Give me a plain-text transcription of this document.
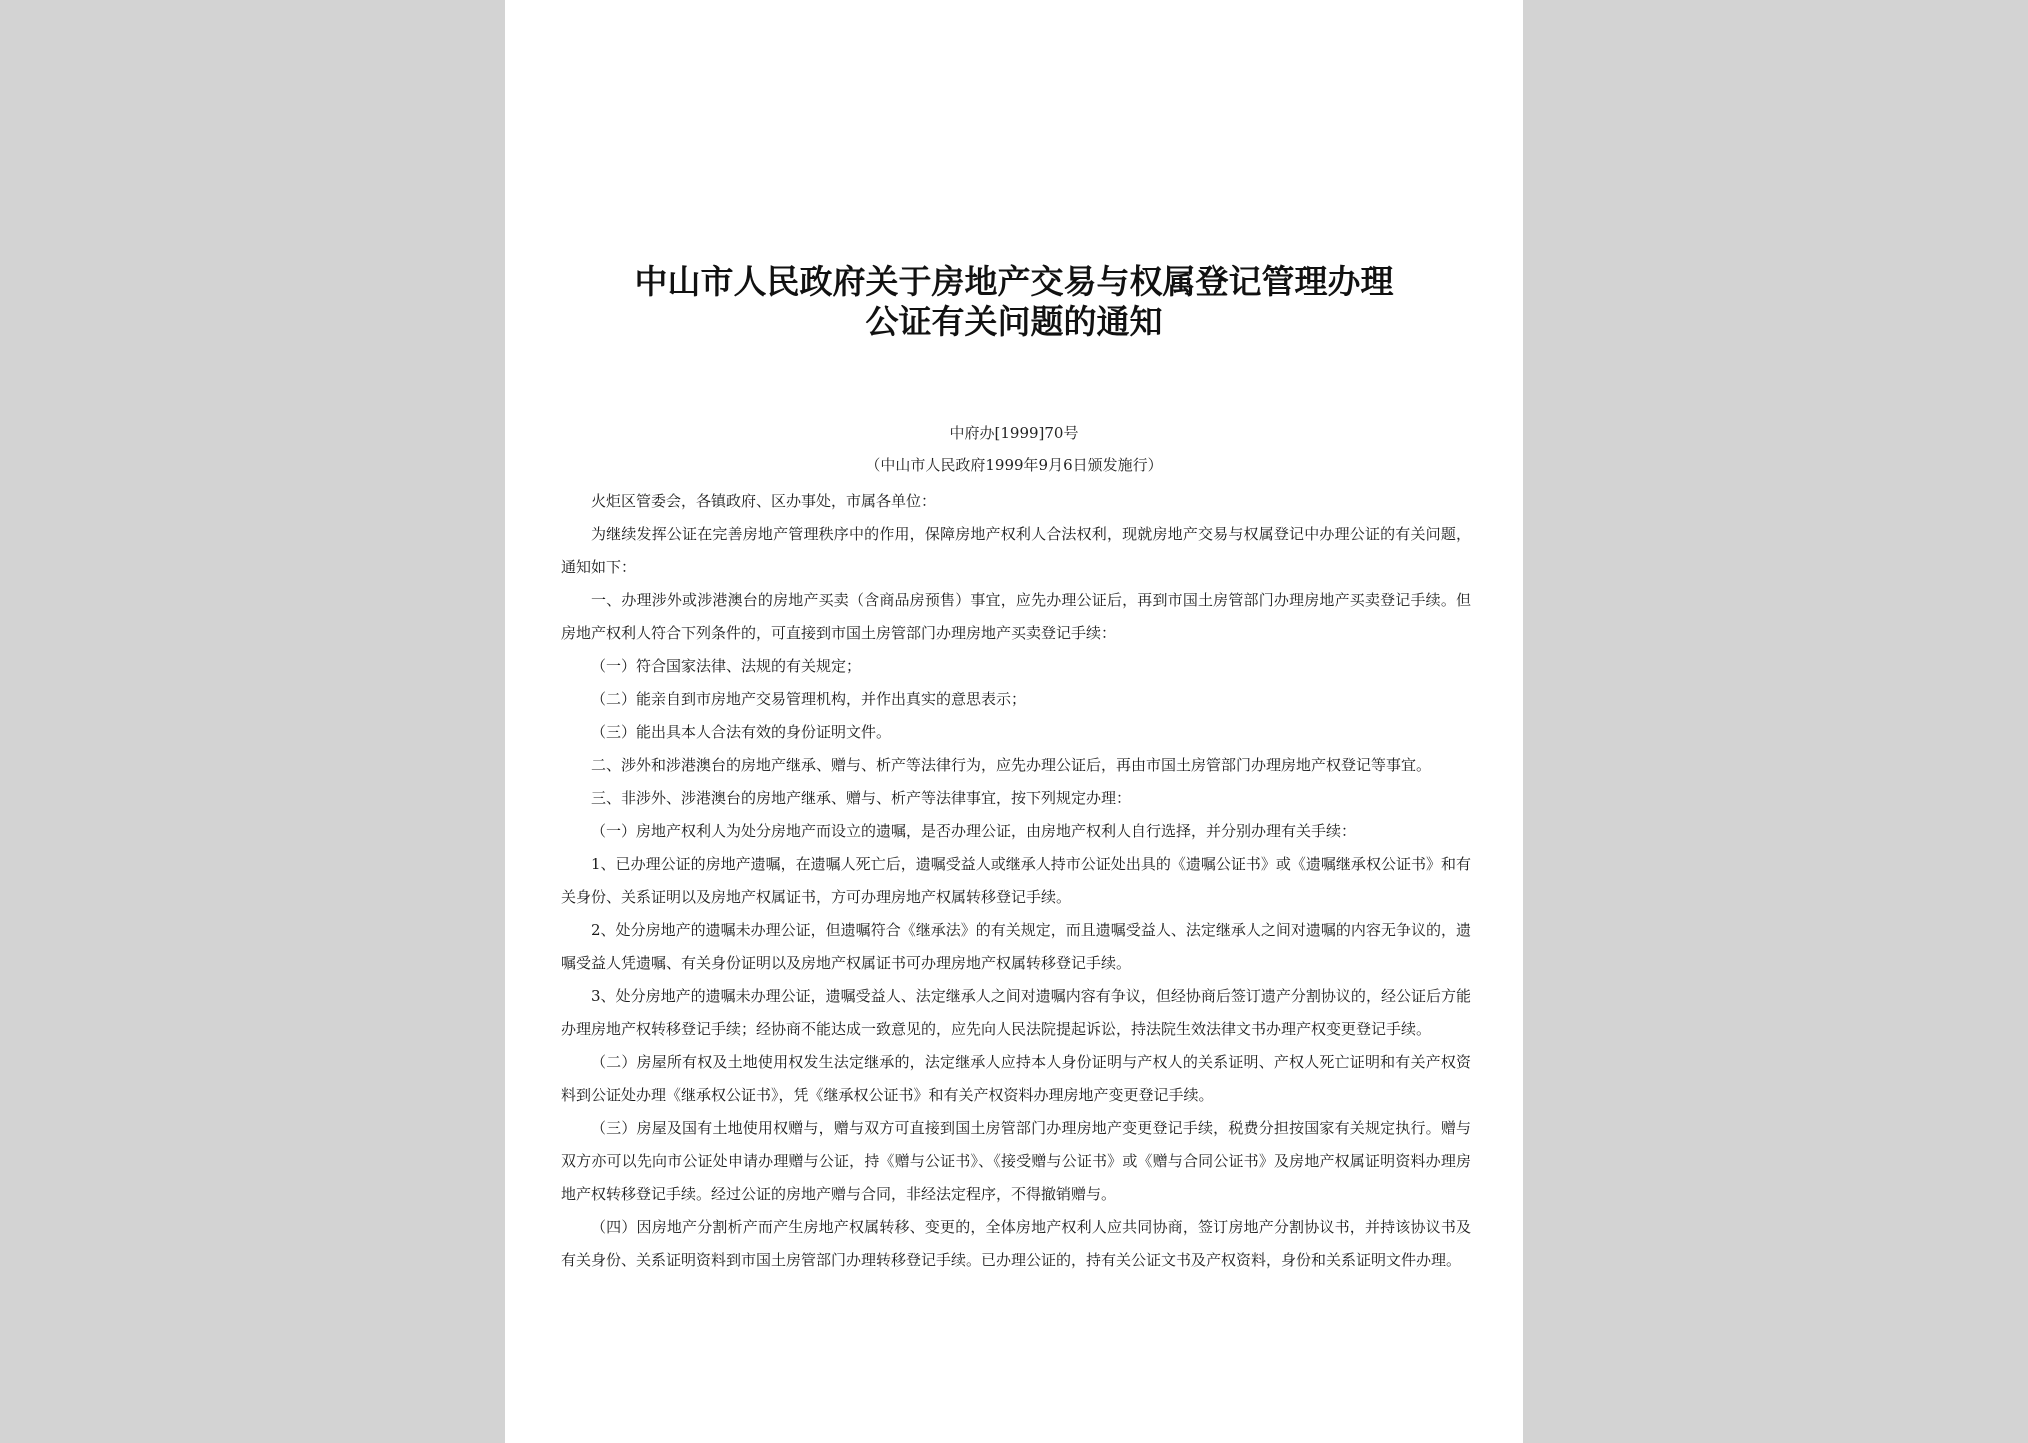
中山市人民政府关于房地产交易与权属登记管理办理
公证有关问题的通知
中府办[1999]70号
（中山市人民政府1999年9月6日颁发施行）

火炬区管委会，各镇政府、区办事处，市属各单位：

为继续发挥公证在完善房地产管理秩序中的作用，保障房地产权利人合法权利，现就房地产交易与权属登记中办理公证的有关问题，通知如下：

一、办理涉外或涉港澳台的房地产买卖（含商品房预售）事宜，应先办理公证后，再到市国土房管部门办理房地产买卖登记手续。但房地产权利人符合下列条件的，可直接到市国土房管部门办理房地产买卖登记手续：

（一）符合国家法律、法规的有关规定；

（二）能亲自到市房地产交易管理机构，并作出真实的意思表示；

（三）能出具本人合法有效的身份证明文件。

二、涉外和涉港澳台的房地产继承、赠与、析产等法律行为，应先办理公证后，再由市国土房管部门办理房地产权登记等事宜。

三、非涉外、涉港澳台的房地产继承、赠与、析产等法律事宜，按下列规定办理：

（一）房地产权利人为处分房地产而设立的遗嘱，是否办理公证，由房地产权利人自行选择，并分别办理有关手续：

1、已办理公证的房地产遗嘱，在遗嘱人死亡后，遗嘱受益人或继承人持市公证处出具的《遗嘱公证书》或《遗嘱继承权公证书》和有关身份、关系证明以及房地产权属证书，方可办理房地产权属转移登记手续。

2、处分房地产的遗嘱未办理公证，但遗嘱符合《继承法》的有关规定，而且遗嘱受益人、法定继承人之间对遗嘱的内容无争议的，遗嘱受益人凭遗嘱、有关身份证明以及房地产权属证书可办理房地产权属转移登记手续。

3、处分房地产的遗嘱未办理公证，遗嘱受益人、法定继承人之间对遗嘱内容有争议，但经协商后签订遗产分割协议的，经公证后方能办理房地产权转移登记手续；经协商不能达成一致意见的，应先向人民法院提起诉讼，持法院生效法律文书办理产权变更登记手续。

（二）房屋所有权及土地使用权发生法定继承的，法定继承人应持本人身份证明与产权人的关系证明、产权人死亡证明和有关产权资料到公证处办理《继承权公证书》，凭《继承权公证书》和有关产权资料办理房地产变更登记手续。

（三）房屋及国有土地使用权赠与，赠与双方可直接到国土房管部门办理房地产变更登记手续，税费分担按国家有关规定执行。赠与双方亦可以先向市公证处申请办理赠与公证，持《赠与公证书》、《接受赠与公证书》或《赠与合同公证书》及房地产权属证明资料办理房地产权转移登记手续。经过公证的房地产赠与合同，非经法定程序，不得撤销赠与。

（四）因房地产分割析产而产生房地产权属转移、变更的，全体房地产权利人应共同协商，签订房地产分割协议书，并持该协议书及有关身份、关系证明资料到市国土房管部门办理转移登记手续。已办理公证的，持有关公证文书及产权资料，身份和关系证明文件办理。
